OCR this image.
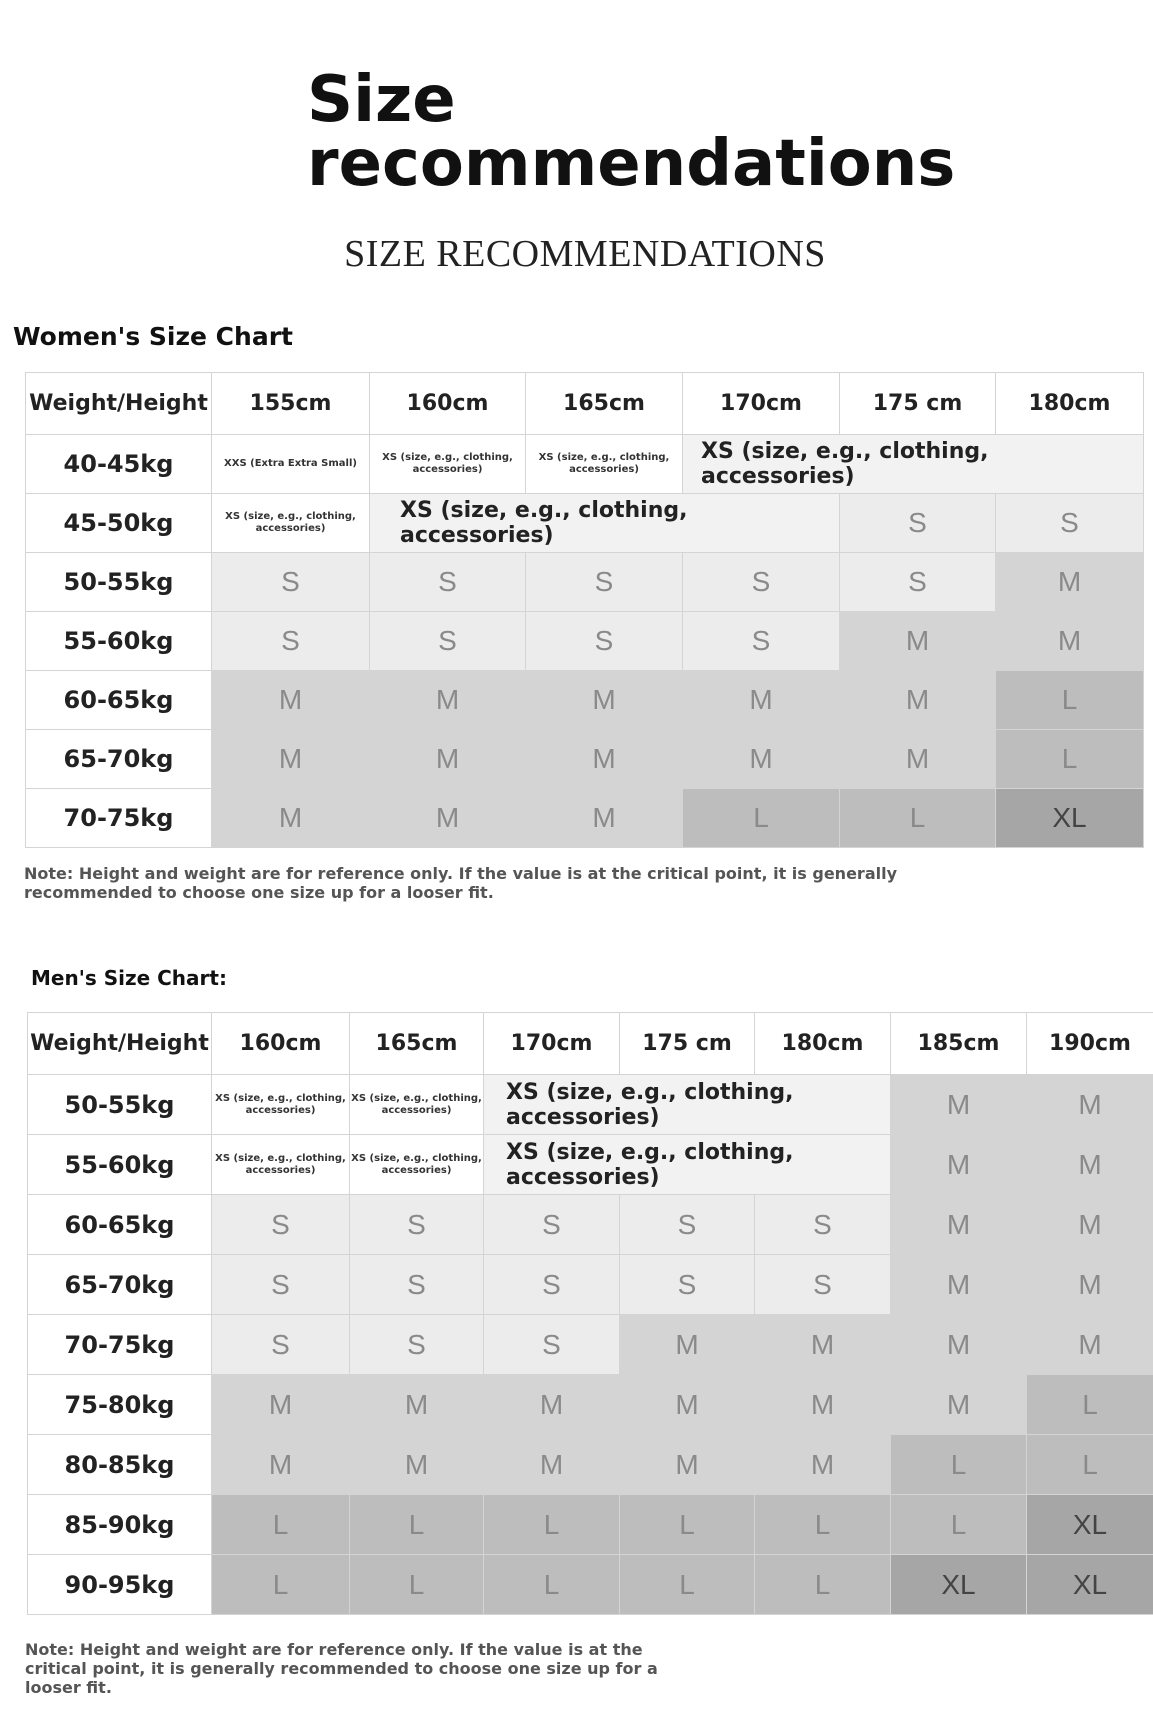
Size recommendations
SIZE RECOMMENDATIONS
Women's Size Chart
Weight/Height	155cm	160cm	165cm	170cm	175 cm	180cm
40-45kg	XXS (Extra Extra Small)	XS (size, e.g., clothing, accessories)	XS (size, e.g., clothing, accessories)	XS (size, e.g., clothing, accessories)		
45-50kg	XS (size, e.g., clothing, accessories)	XS (size, e.g., clothing, accessories)			S	S
50-55kg	S	S	S	S	S	M
55-60kg	S	S	S	S	M	M
60-65kg	M	M	M	M	M	L
65-70kg	M	M	M	M	M	L
70-75kg	M	M	M	L	L	XL

Note: Height and weight are for reference only. If the value is at the critical point, it is generally recommended to choose one size up for a looser fit.

Men's Size Chart:
Weight/Height	160cm	165cm	170cm	175 cm	180cm	185cm	190cm
50-55kg	XS (size, e.g., clothing, accessories)	XS (size, e.g., clothing, accessories)	XS (size, e.g., clothing, accessories)			M	M
55-60kg	XS (size, e.g., clothing, accessories)	XS (size, e.g., clothing, accessories)	XS (size, e.g., clothing, accessories)			M	M
60-65kg	S	S	S	S	S	M	M
65-70kg	S	S	S	S	S	M	M
70-75kg	S	S	S	M	M	M	M
75-80kg	M	M	M	M	M	M	L
80-85kg	M	M	M	M	M	L	L
85-90kg	L	L	L	L	L	L	XL
90-95kg	L	L	L	L	L	XL	XL

Note: Height and weight are for reference only. If the value is at the critical point, it is generally recommended to choose one size up for a looser fit.
